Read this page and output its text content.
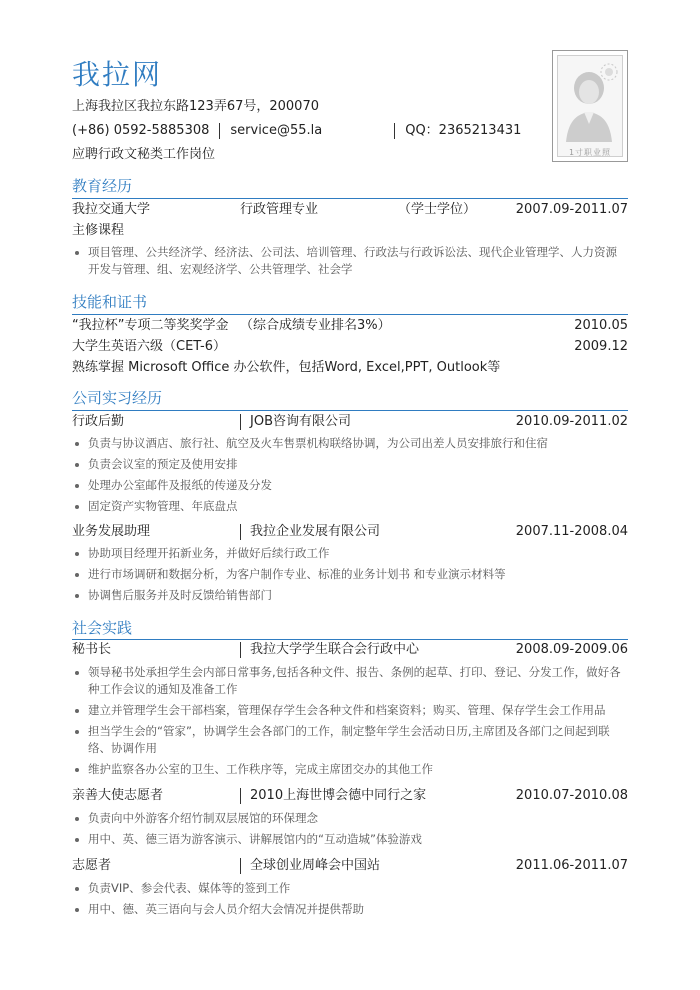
我拉网
上海我拉区我拉东路123弄67号，200070
(+86) 0592-5885308 service@55.la	QQ：2365213431
应聘行政文秘类工作岗位	1寸职业照
教育经历
我拉交通大学	行政管理专业	（学士学位）	2007.09-2011.07
主修课程
项目管理、公共经济学、经济法、公司法、培训管理、行政法与行政诉讼法、现代企业管理学、人力资源开发与管理、组、宏观经济学、公共管理学、社会学
技能和证书
“我拉杯”专项二等奖奖学金 （综合成绩专业排名3%）	2010.05
大学生英语六级（CET-6）	2009.12
熟练掌握 Microsoft Office 办公软件，包括Word, Excel,PPT, Outlook等
公司实习经历
行政后勤	JOB咨询有限公司	2010.09-2011.02
负责与协议酒店、旅行社、航空及火车售票机构联络协调，为公司出差人员安排旅行和住宿
负责会议室的预定及使用安排
处理办公室邮件及报纸的传递及分发
固定资产实物管理、年底盘点
业务发展助理	我拉企业发展有限公司	2007.11-2008.04
协助项目经理开拓新业务，并做好后续行政工作
进行市场调研和数据分析，为客户制作专业、标准的业务计划书 和专业演示材料等
协调售后服务并及时反馈给销售部门
社会实践
秘书长	我拉大学学生联合会行政中心	2008.09-2009.06
领导秘书处承担学生会内部日常事务,包括各种文件、报告、条例的起草、打印、登记、分发工作，做好各种工作会议的通知及准备工作
建立并管理学生会干部档案，管理保存学生会各种文件和档案资料；购买、管理、保存学生会工作用品
担当学生会的“管家”，协调学生会各部门的工作，制定整年学生会活动日历,主席团及各部门之间起到联络、协调作用
维护监察各办公室的卫生、工作秩序等，完成主席团交办的其他工作
亲善大使志愿者	2010上海世博会德中同行之家	2010.07-2010.08
负责向中外游客介绍竹制双层展馆的环保理念
用中、英、德三语为游客演示、讲解展馆内的“互动造城”体验游戏
志愿者	全球创业周峰会中国站	2011.06-2011.07
负责VIP、参会代表、媒体等的签到工作
用中、德、英三语向与会人员介绍大会情况并提供帮助
